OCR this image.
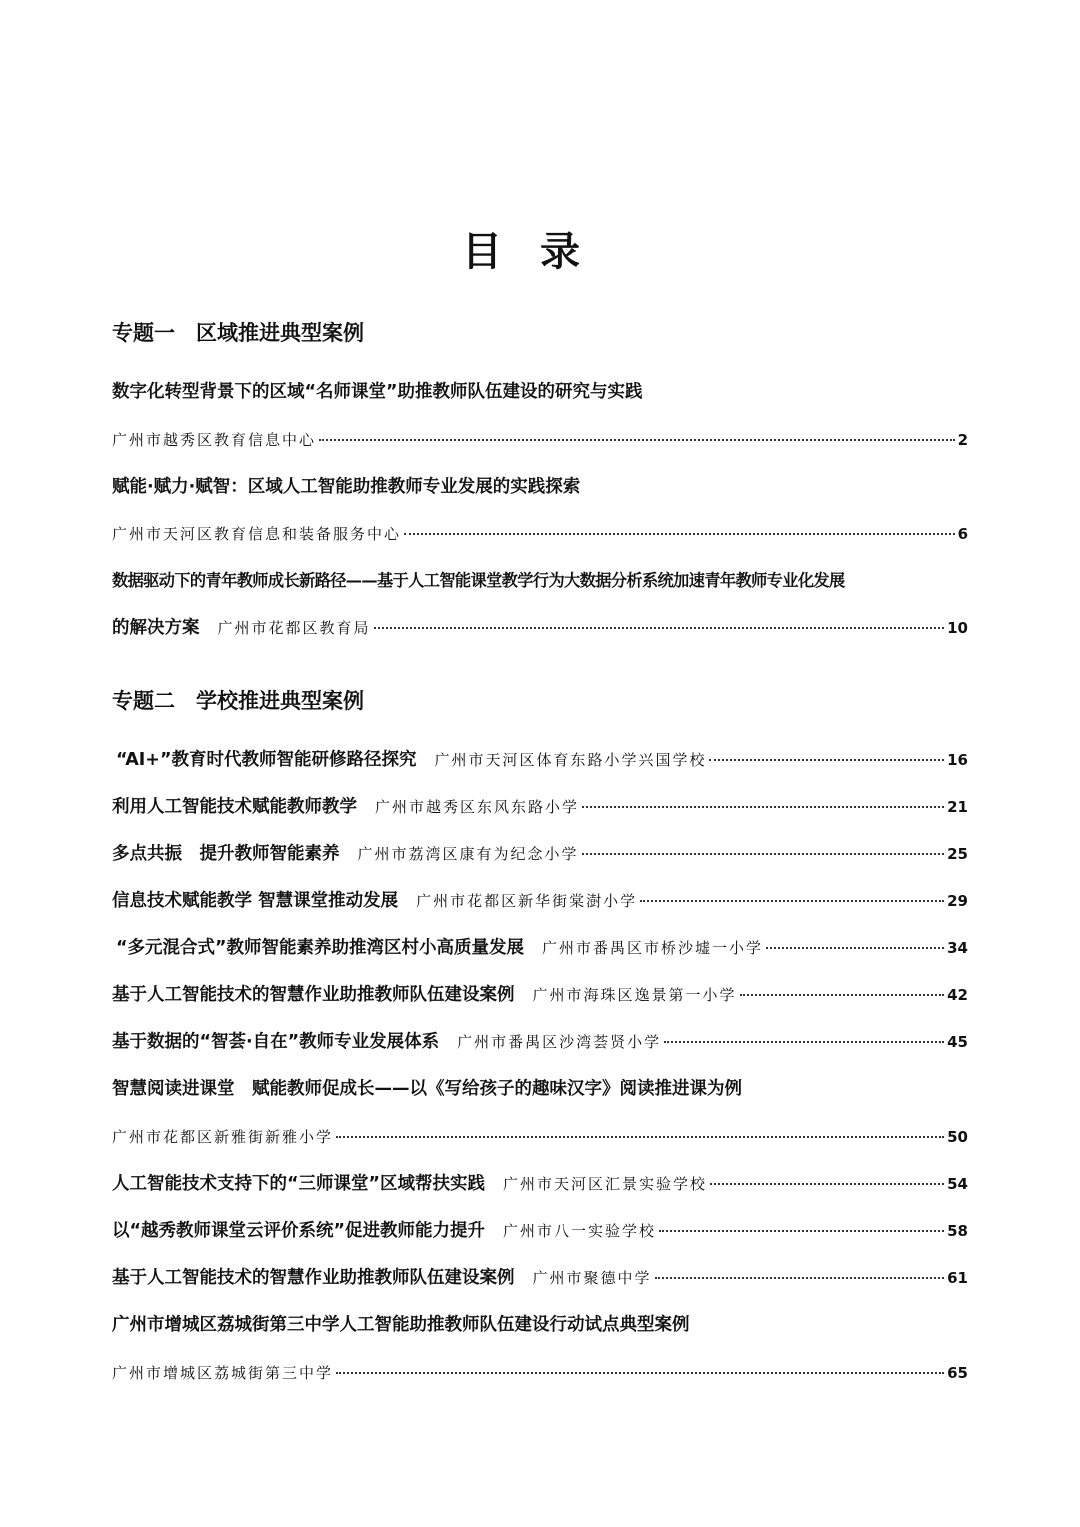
目录
专题一　区域推进典型案例
数字化转型背景下的区域“名师课堂”助推教师队伍建设的研究与实践
广州市越秀区教育信息中心	2
赋能·赋力·赋智：区域人工智能助推教师专业发展的实践探索
广州市天河区教育信息和装备服务中心	6
数据驱动下的青年教师成长新路径——基于人工智能课堂教学行为大数据分析系统加速青年教师专业化发展
的解决方案 广州市花都区教育局	10
专题二　学校推进典型案例
“AI+”教育时代教师智能研修路径探究 广州市天河区体育东路小学兴国学校	16
利用人工智能技术赋能教师教学 广州市越秀区东风东路小学	21
多点共振　提升教师智能素养 广州市荔湾区康有为纪念小学	25
信息技术赋能教学 智慧课堂推动发展 广州市花都区新华街棠澍小学	29
“多元混合式”教师智能素养助推湾区村小高质量发展 广州市番禺区市桥沙墟一小学	34
基于人工智能技术的智慧作业助推教师队伍建设案例 广州市海珠区逸景第一小学	42
基于数据的“智荟·自在”教师专业发展体系 广州市番禺区沙湾荟贤小学	45
智慧阅读进课堂　赋能教师促成长——以《写给孩子的趣味汉字》阅读推进课为例
广州市花都区新雅街新雅小学	50
人工智能技术支持下的“三师课堂”区域帮扶实践 广州市天河区汇景实验学校	54
以“越秀教师课堂云评价系统”促进教师能力提升 广州市八一实验学校	58
基于人工智能技术的智慧作业助推教师队伍建设案例 广州市聚德中学	61
广州市增城区荔城街第三中学人工智能助推教师队伍建设行动试点典型案例
广州市增城区荔城街第三中学	65
